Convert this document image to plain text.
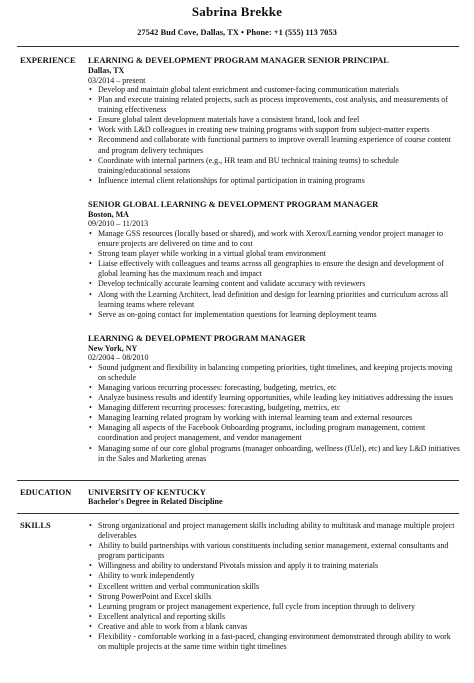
Sabrina Brekke
27542 Bud Cove, Dallas, TX • Phone: +1 (555) 113 7053
EXPERIENCE LEARNING & DEVELOPMENT PROGRAM MANAGER SENIOR PRINCIPAL
Dallas, TX
03/2014 – present
• Develop and maintain global talent enrichment and customer-facing communication materials
• Plan and execute training related projects, such as process improvements, cost analysis, and measurements of training effectiveness
• Ensure global talent development materials have a consistent brand, look and feel
• Work with L&D colleagues in creating new training programs with support from subject-matter experts
• Recommend and collaborate with functional partners to improve overall learning experience of course content and program delivery techniques
• Coordinate with internal partners (e.g., HR team and BU technical training teams) to schedule training/educational sessions
• Influence internal client relationships for optimal participation in training programs
SENIOR GLOBAL LEARNING & DEVELOPMENT PROGRAM MANAGER
Boston, MA
09/2010 – 11/2013
• Manage GSS resources (locally based or shared), and work with Xerox/Learning vendor project manager to ensure projects are delivered on time and to cost
• Strong team player while working in a virtual global team environment
• Liaise effectively with colleagues and teams across all geographies to ensure the design and development of global learning has the maximum reach and impact
• Develop technically accurate learning content and validate accuracy with reviewers
• Along with the Learning Architect, lead definition and design for learning priorities and curriculum across all learning teams where relevant
• Serve as on-going contact for implementation questions for learning deployment teams
LEARNING & DEVELOPMENT PROGRAM MANAGER
New York, NY
02/2004 – 08/2010
• Sound judgment and flexibility in balancing competing priorities, tight timelines, and keeping projects moving on schedule
• Managing various recurring processes: forecasting, budgeting, metrics, etc
• Analyze business results and identify learning opportunities, while leading key initiatives addressing the issues
• Managing different recurring processes: forecasting, budgeting, metrics, etc
• Managing learning related program by working with internal learning team and external resources
• Managing all aspects of the Facebook Onboarding programs, including program management, content coordination and project management, and vendor management
• Managing some of our core global programs (manager onboarding, wellness (fUel), etc) and key L&D initiatives in the Sales and Marketing arenas
EDUCATION UNIVERSITY OF KENTUCKY
Bachelor's Degree in Related Discipline
SKILLS
•	Strong organizational and project management skills including ability to multitask and manage multiple project deliverables
• Ability to build partnerships with various constituents including senior management, external consultants and program participants
• Willingness and ability to understand Pivotals mission and apply it to training materials
• Ability to work independently
• Excellent written and verbal communication skills
• Strong PowerPoint and Excel skills
• Learning program or project management experience, full cycle from inception through to delivery
• Excellent analytical and reporting skills
• Creative and able to work from a blank canvas
• Flexibility - comfortable working in a fast-paced, changing environment demonstrated through ability to work on multiple projects at the same time within tight timelines
